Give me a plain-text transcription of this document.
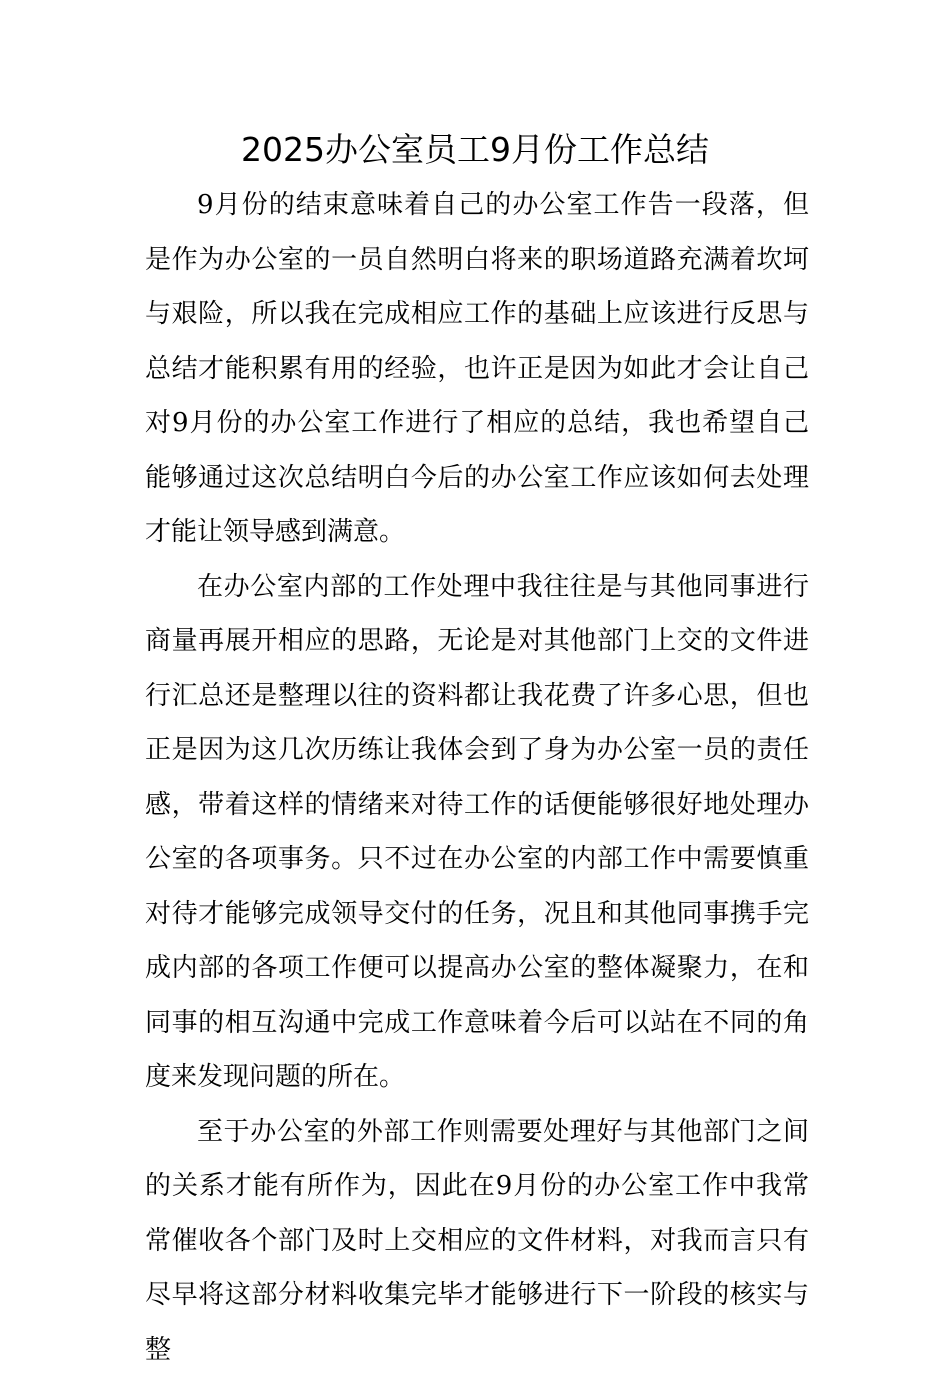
2025办公室员工9月份工作总结

9月份的结束意味着自己的办公室工作告一段落，但是作为办公室的一员自然明白将来的职场道路充满着坎坷与艰险，所以我在完成相应工作的基础上应该进行反思与总结才能积累有用的经验，也许正是因为如此才会让自己对9月份的办公室工作进行了相应的总结，我也希望自己能够通过这次总结明白今后的办公室工作应该如何去处理才能让领导感到满意。

在办公室内部的工作处理中我往往是与其他同事进行商量再展开相应的思路，无论是对其他部门上交的文件进行汇总还是整理以往的资料都让我花费了许多心思，但也正是因为这几次历练让我体会到了身为办公室一员的责任感，带着这样的情绪来对待工作的话便能够很好地处理办公室的各项事务。只不过在办公室的内部工作中需要慎重对待才能够完成领导交付的任务，况且和其他同事携手完成内部的各项工作便可以提高办公室的整体凝聚力，在和同事的相互沟通中完成工作意味着今后可以站在不同的角度来发现问题的所在。

至于办公室的外部工作则需要处理好与其他部门之间的关系才能有所作为，因此在9月份的办公室工作中我常常催收各个部门及时上交相应的文件材料，对我而言只有尽早将这部分材料收集完毕才能够进行下一阶段的核实与整
